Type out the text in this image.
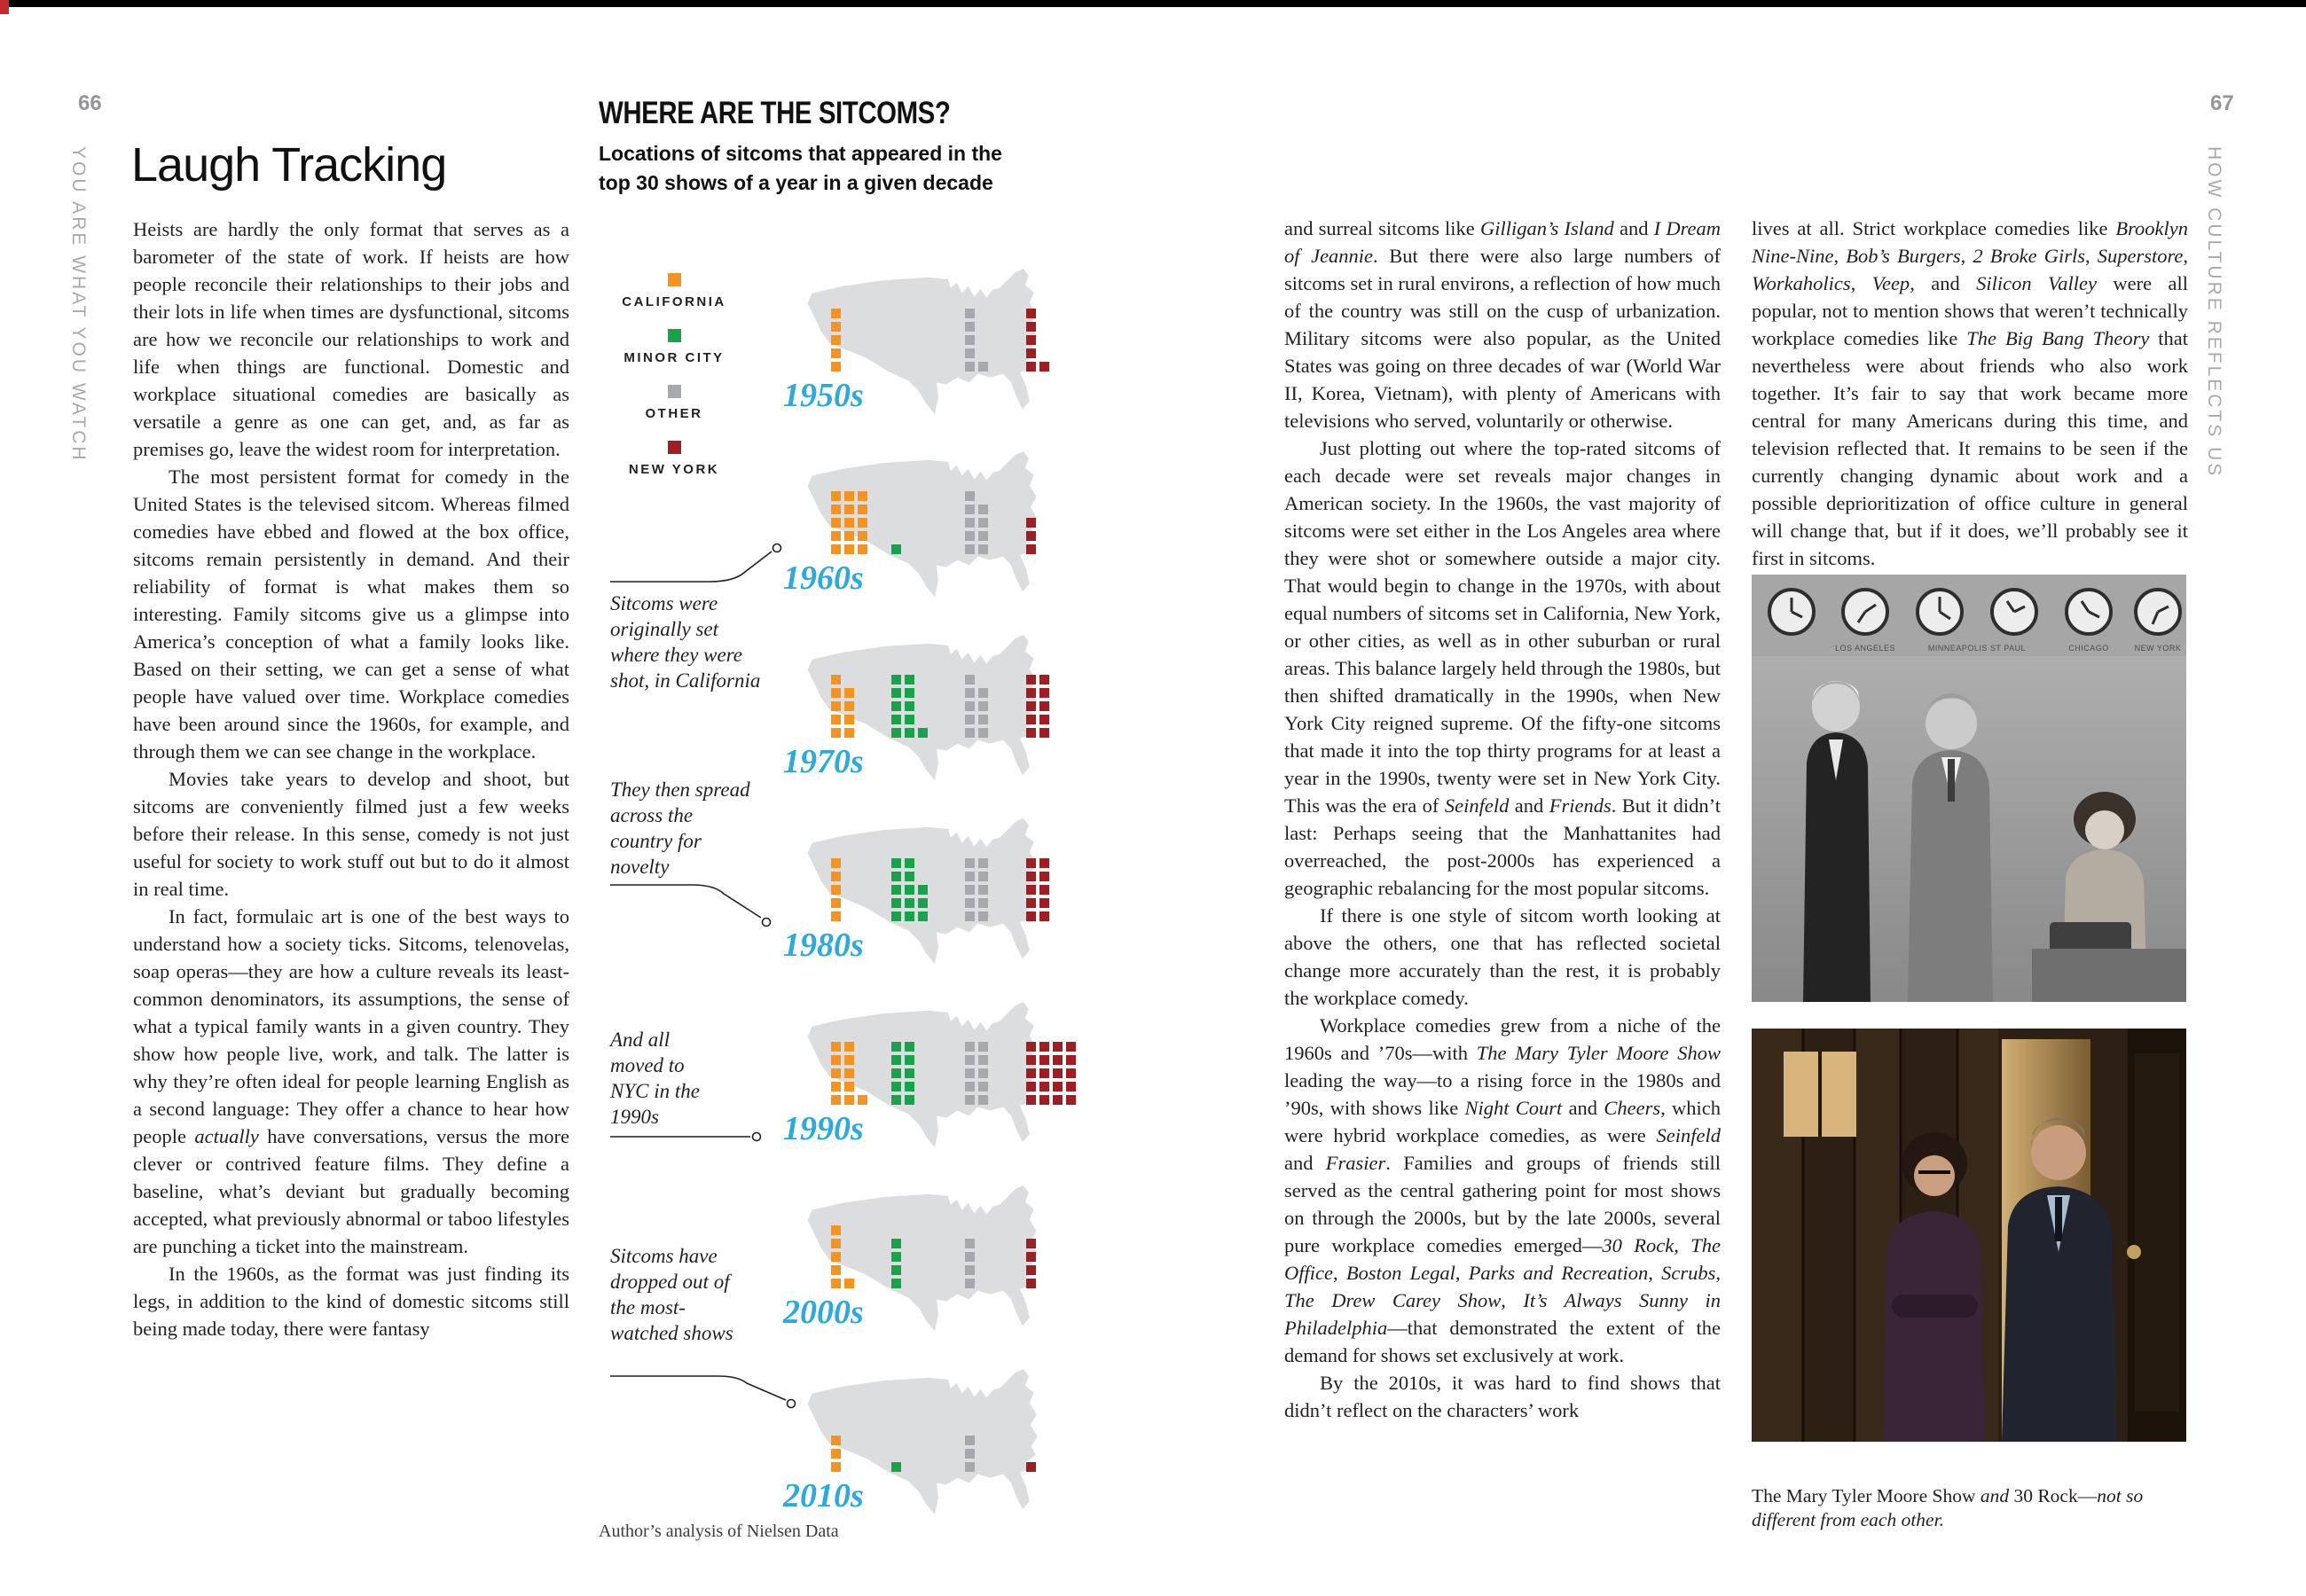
66
YOU ARE WHAT YOU WATCH Laugh Tracking

Heists are hardly the only format that serves as a barometer of the state of work. If heists are how people reconcile their relationships to their jobs and their lots in life when times are dysfunctional, sitcoms are how we reconcile our relationships to work and life when things are functional. Domestic and workplace situational comedies are basically as versatile a genre as one can get, and, as far as premises go, leave the widest room for interpretation.

The most persistent format for comedy in the United States is the televised sitcom. Whereas filmed comedies have ebbed and flowed at the box office, sitcoms remain persistently in demand. And their reliability of format is what makes them so interesting. Family sitcoms give us a glimpse into America’s conception of what a family looks like. Based on their setting, we can get a sense of what people have valued over time. Workplace comedies have been around since the 1960s, for example, and through them we can see change in the workplace.

Movies take years to develop and shoot, but sitcoms are conveniently filmed just a few weeks before their release. In this sense, comedy is not just useful for society to work stuff out but to do it almost in real time.

In fact, formulaic art is one of the best ways to understand how a society ticks. Sitcoms, telenovelas, soap operas—they are how a culture reveals its least-common denominators, its assumptions, the sense of what a typical family wants in a given country. They show how people live, work, and talk. The latter is why they’re often ideal for people learning English as a second language: They offer a chance to hear how people actually have conversations, versus the more clever or contrived feature films. They define a baseline, what’s deviant but gradually becoming accepted, what previously abnormal or taboo lifestyles are punching a ticket into the mainstream.

In the 1960s, as the format was just finding its legs, in addition to the kind of domestic sitcoms still being made today, there were fantasy

WHERE ARE THE SITCOMS?
Locations of sitcoms that appeared in the top 30 shows of a year in a given decade
CALIFORNIA
MINOR CITY
OTHER
NEW YORK
1950s
1960s
1970s
1980s
1990s
2000s
2010s
Sitcoms were originally set where they were shot, in California
They then spread across the country for novelty
And all moved to NYC in the 1990s
Sitcoms have dropped out of the most-watched shows
Author’s analysis of Nielsen Data

and surreal sitcoms like Gilligan’s Island and I Dream of Jeannie. But there were also large numbers of sitcoms set in rural environs, a reflection of how much of the country was still on the cusp of urbanization. Military sitcoms were also popular, as the United States was going on three decades of war (World War II, Korea, Vietnam), with plenty of Americans with televisions who served, voluntarily or otherwise.

Just plotting out where the top-rated sitcoms of each decade were set reveals major changes in American society. In the 1960s, the vast majority of sitcoms were set either in the Los Angeles area where they were shot or somewhere outside a major city. That would begin to change in the 1970s, with about equal numbers of sitcoms set in California, New York, or other cities, as well as in other suburban or rural areas. This balance largely held through the 1980s, but then shifted dramatically in the 1990s, when New York City reigned supreme. Of the fifty-one sitcoms that made it into the top thirty programs for at least a year in the 1990s, twenty were set in New York City. This was the era of Seinfeld and Friends. But it didn’t last: Perhaps seeing that the Manhattanites had overreached, the post-2000s has experienced a geographic rebalancing for the most popular sitcoms.

If there is one style of sitcom worth looking at above the others, one that has reflected societal change more accurately than the rest, it is probably the workplace comedy.

Workplace comedies grew from a niche of the 1960s and ’70s—with The Mary Tyler Moore Show leading the way—to a rising force in the 1980s and ’90s, with shows like Night Court and Cheers, which were hybrid workplace comedies, as were Seinfeld and Frasier. Families and groups of friends still served as the central gathering point for most shows on through the 2000s, but by the late 2000s, several pure workplace comedies emerged—30 Rock, The Office, Boston Legal, Parks and Recreation, Scrubs, The Drew Carey Show, It’s Always Sunny in Philadelphia—that demonstrated the extent of the demand for shows set exclusively at work.

By the 2010s, it was hard to find shows that didn’t reflect on the characters’ work

lives at all. Strict workplace comedies like Brooklyn Nine-Nine, Bob’s Burgers, 2 Broke Girls, Superstore, Workaholics, Veep, and Silicon Valley were all popular, not to mention shows that weren’t technically workplace comedies like The Big Bang Theory that nevertheless were about friends who also work together. It’s fair to say that work became more central for many Americans during this time, and television reflected that. It remains to be seen if the currently changing dynamic about work and a possible deprioritization of office culture in general will change that, but if it does, we’ll probably see it first in sitcoms.

LOS ANGELES	MINNEAPOLIS ST PAUL	CHICAGO	NEW YORK

The Mary Tyler Moore Show and 30 Rock—not so different from each other.

67
HOW CULTURE REFLECTS US
